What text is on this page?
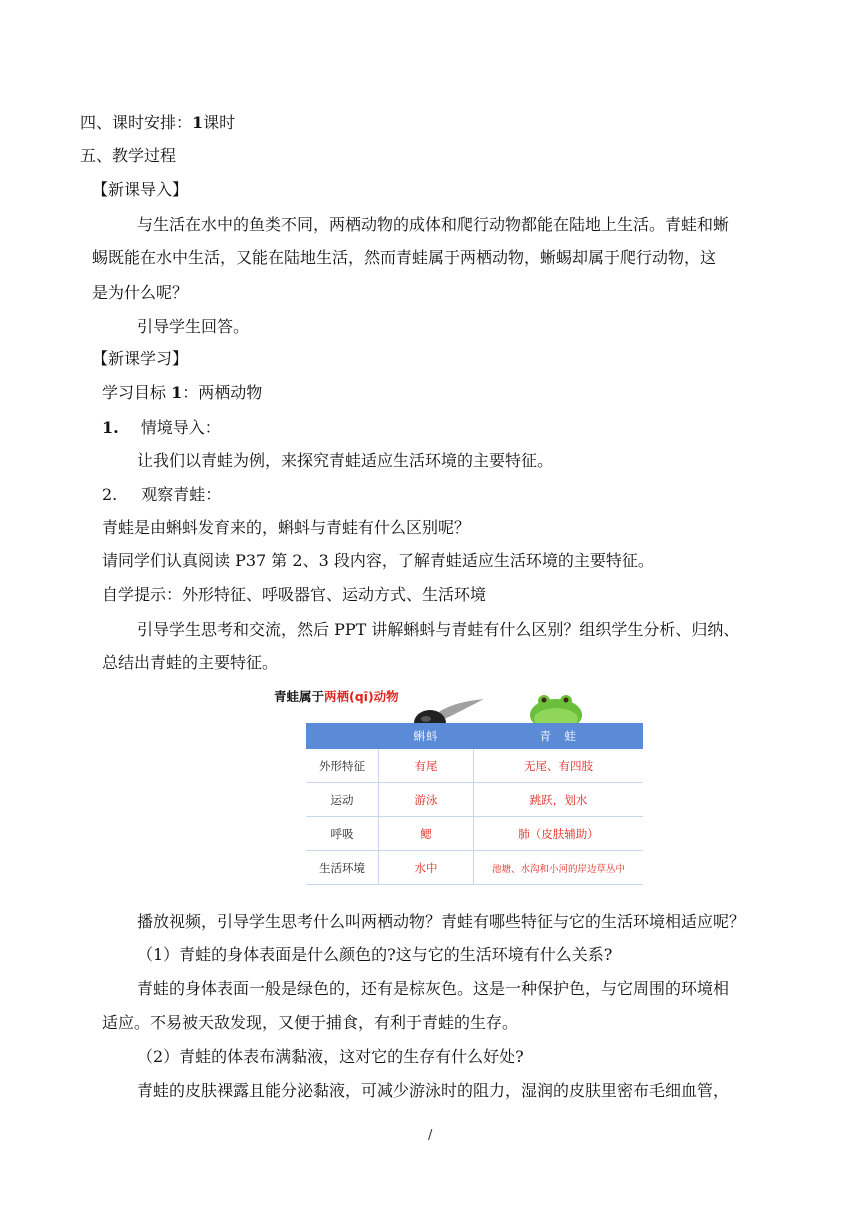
四、课时安排：1课时
五、教学过程
【新课导入】
与生活在水中的鱼类不同，两栖动物的成体和爬行动物都能在陆地上生活。青蛙和蜥
蜴既能在水中生活，又能在陆地生活，然而青蛙属于两栖动物，蜥蜴却属于爬行动物，这
是为什么呢？
引导学生回答。
【新课学习】
学习目标 1：两栖动物
1. 情境导入：
让我们以青蛙为例，来探究青蛙适应生活环境的主要特征。
2. 观察青蛙：
青蛙是由蝌蚪发育来的，蝌蚪与青蛙有什么区别呢？
请同学们认真阅读 P37 第 2、3 段内容，了解青蛙适应生活环境的主要特征。
自学提示：外形特征、呼吸器官、运动方式、生活环境
引导学生思考和交流，然后 PPT 讲解蝌蚪与青蛙有什么区别？组织学生分析、归纳、
总结出青蛙的主要特征。
青蛙属于两栖(qī)动物
	蝌蚪	青　蛙
外形特征	有尾	无尾、有四肢
运动	游泳	跳跃，划水
呼吸	鳃	肺（皮肤辅助）
生活环境	水中	池塘、水沟和小河的岸边草丛中
播放视频，引导学生思考什么叫两栖动物？青蛙有哪些特征与它的生活环境相适应呢？
（1）青蛙的身体表面是什么颜色的?这与它的生活环境有什么关系?
青蛙的身体表面一般是绿色的，还有是棕灰色。这是一种保护色，与它周围的环境相
适应。不易被天敌发现，又便于捕食，有利于青蛙的生存。
（2）青蛙的体表布满黏液，这对它的生存有什么好处?
青蛙的皮肤裸露且能分泌黏液，可减少游泳时的阻力，湿润的皮肤里密布毛细血管，
/
